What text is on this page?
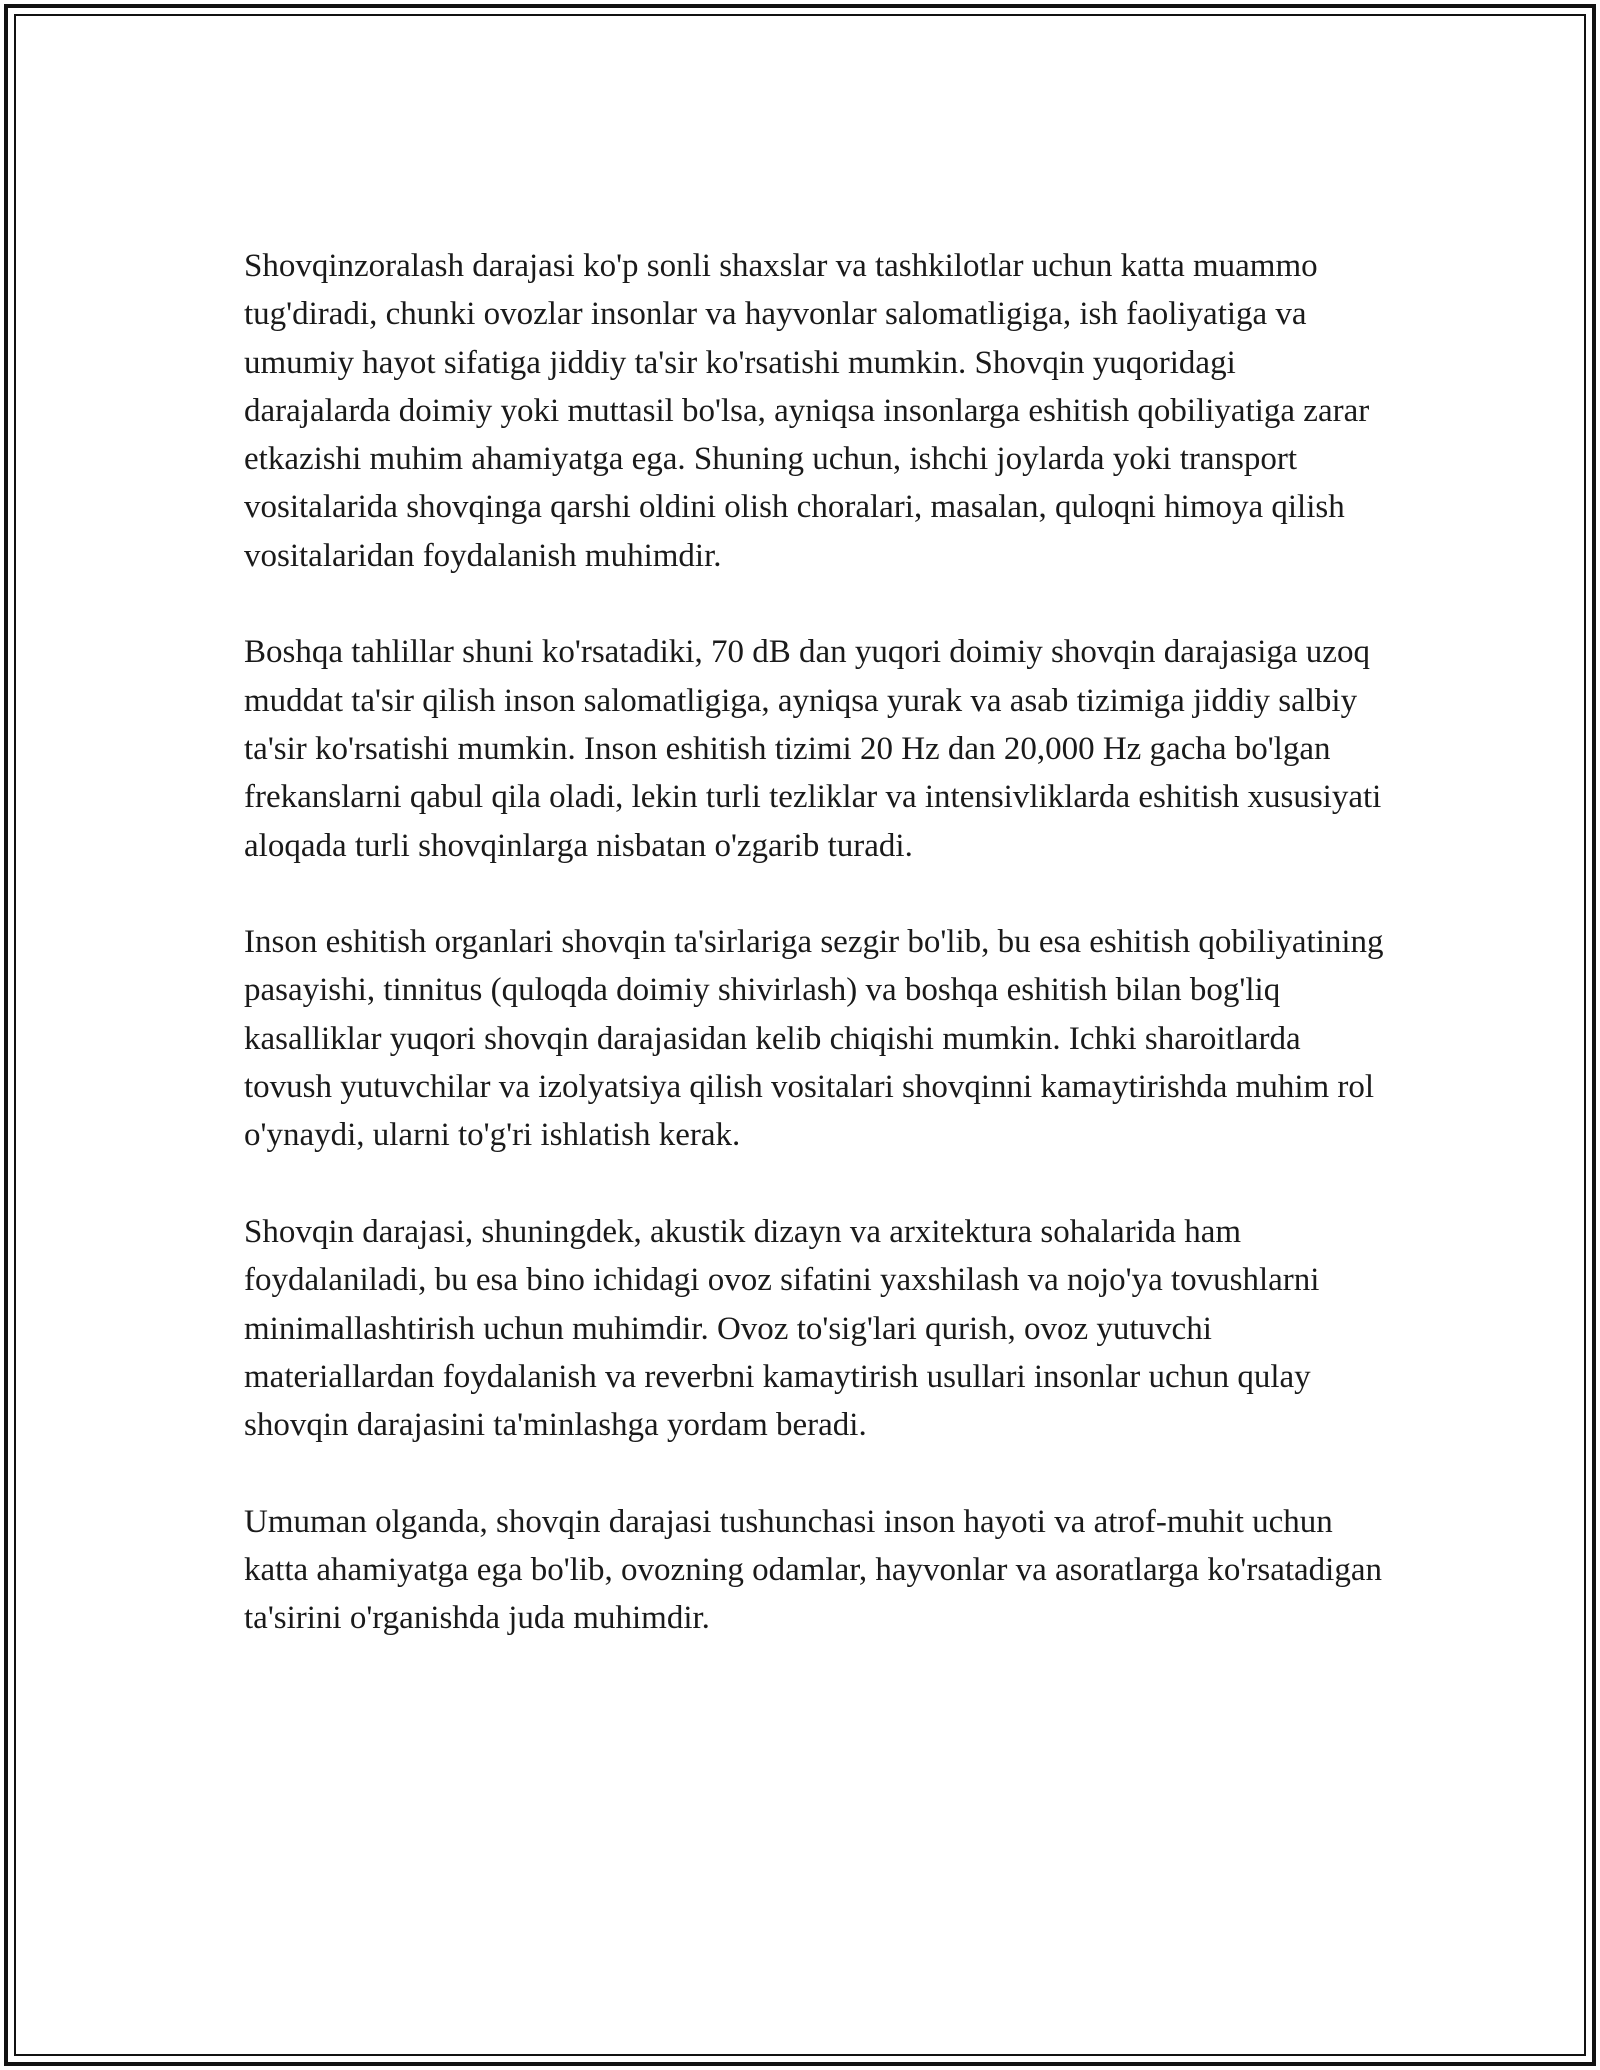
Shovqinzoralash darajasi ko'p sonli shaxslar va tashkilotlar uchun katta muammo tug'diradi, chunki ovozlar insonlar va hayvonlar salomatligiga, ish faoliyatiga va umumiy hayot sifatiga jiddiy ta'sir ko'rsatishi mumkin. Shovqin yuqoridagi darajalarda doimiy yoki muttasil bo'lsa, ayniqsa insonlarga eshitish qobiliyatiga zarar etkazishi muhim ahamiyatga ega. Shuning uchun, ishchi joylarda yoki transport vositalarida shovqinga qarshi oldini olish choralari, masalan, quloqni himoya qilish vositalaridan foydalanish muhimdir.

Boshqa tahlillar shuni ko'rsatadiki, 70 dB dan yuqori doimiy shovqin darajasiga uzoq muddat ta'sir qilish inson salomatligiga, ayniqsa yurak va asab tizimiga jiddiy salbiy ta'sir ko'rsatishi mumkin. Inson eshitish tizimi 20 Hz dan 20,000 Hz gacha bo'lgan frekanslarni qabul qila oladi, lekin turli tezliklar va intensivliklarda eshitish xususiyati aloqada turli shovqinlarga nisbatan o'zgarib turadi.

Inson eshitish organlari shovqin ta'sirlariga sezgir bo'lib, bu esa eshitish qobiliyatining pasayishi, tinnitus (quloqda doimiy shivirlash) va boshqa eshitish bilan bog'liq kasalliklar yuqori shovqin darajasidan kelib chiqishi mumkin. Ichki sharoitlarda tovush yutuvchilar va izolyatsiya qilish vositalari shovqinni kamaytirishda muhim rol o'ynaydi, ularni to'g'ri ishlatish kerak.

Shovqin darajasi, shuningdek, akustik dizayn va arxitektura sohalarida ham foydalaniladi, bu esa bino ichidagi ovoz sifatini yaxshilash va nojo'ya tovushlarni minimallashtirish uchun muhimdir. Ovoz to'sig'lari qurish, ovoz yutuvchi materiallardan foydalanish va reverbni kamaytirish usullari insonlar uchun qulay shovqin darajasini ta'minlashga yordam beradi.

Umuman olganda, shovqin darajasi tushunchasi inson hayoti va atrof-muhit uchun katta ahamiyatga ega bo'lib, ovozning odamlar, hayvonlar va asoratlarga ko'rsatadigan ta'sirini o'rganishda juda muhimdir.
